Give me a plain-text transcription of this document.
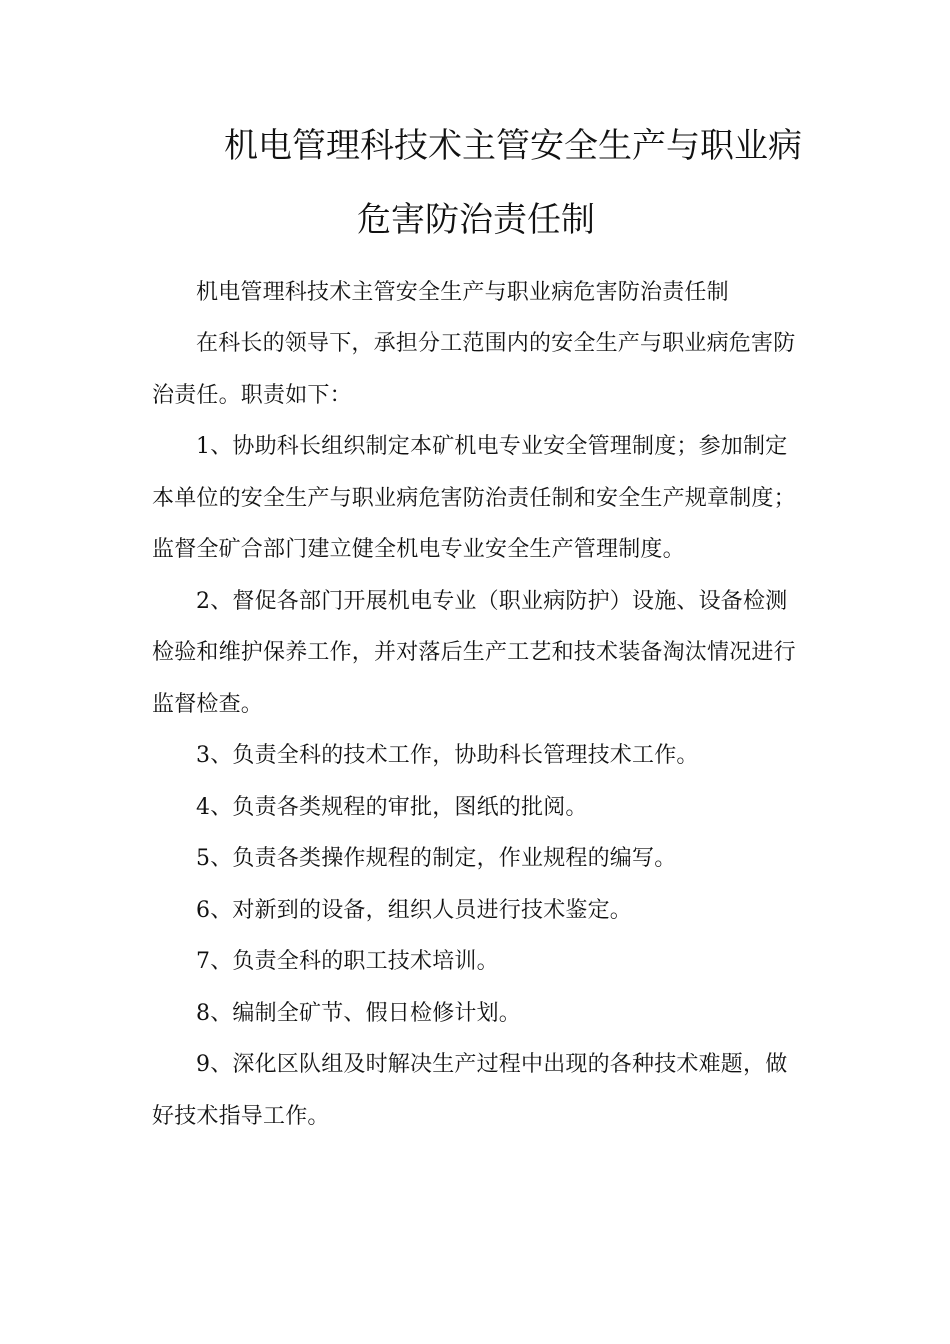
机电管理科技术主管安全生产与职业病
危害防治责任制
机电管理科技术主管安全生产与职业病危害防治责任制
在科长的领导下，承担分工范围内的安全生产与职业病危害防
治责任。职责如下：
1、协助科长组织制定本矿机电专业安全管理制度；参加制定
本单位的安全生产与职业病危害防治责任制和安全生产规章制度；
监督全矿合部门建立健全机电专业安全生产管理制度。
2、督促各部门开展机电专业（职业病防护）设施、设备检测
检验和维护保养工作，并对落后生产工艺和技术装备淘汰情况进行
监督检查。
3、负责全科的技术工作，协助科长管理技术工作。
4、负责各类规程的审批，图纸的批阅。
5、负责各类操作规程的制定，作业规程的编写。
6、对新到的设备，组织人员进行技术鉴定。
7、负责全科的职工技术培训。
8、编制全矿节、假日检修计划。
9、深化区队组及时解决生产过程中出现的各种技术难题，做
好技术指导工作。
